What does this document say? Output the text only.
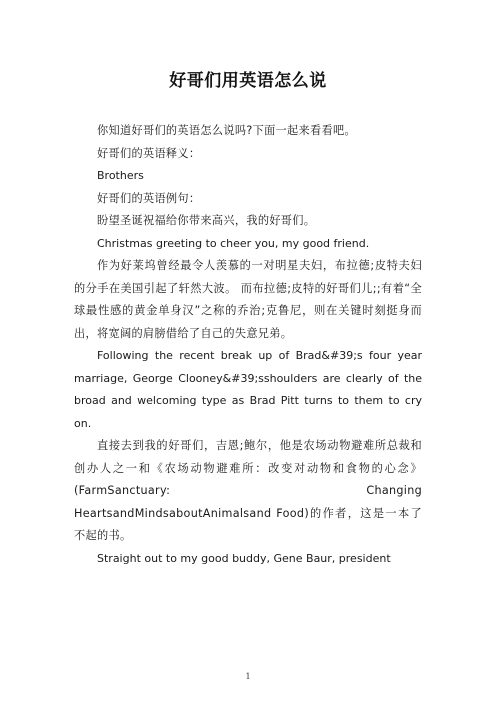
好哥们用英语怎么说

你知道好哥们的英语怎么说吗?下面一起来看看吧。

好哥们的英语释义：

Brothers

好哥们的英语例句：

盼望圣诞祝福给你带来高兴，我的好哥们。

Christmas greeting to cheer you, my good friend.

作为好莱坞曾经最令人羡慕的一对明星夫妇，布拉德;皮特夫妇的分手在美国引起了轩然大波。 而布拉德;皮特的好哥们儿;;有着“全球最性感的黄金单身汉”之称的乔治;克鲁尼，则在关键时刻挺身而出，将宽阔的肩膀借给了自己的失意兄弟。

Following the recent break up of Brad&#39;s four year marriage, George Clooney&#39;sshoulders are clearly of the broad and welcoming type as Brad Pitt turns to them to cry on.

直接去到我的好哥们，吉恩;鲍尔，他是农场动物避难所总裁和创办人之一和《农场动物避难所：改变对动物和食物的心念》(FarmSanctuary: Changing HeartsandMindsaboutAnimalsand Food)的作者，这是一本了不起的书。

Straight out to my good buddy, Gene Baur, president

1
